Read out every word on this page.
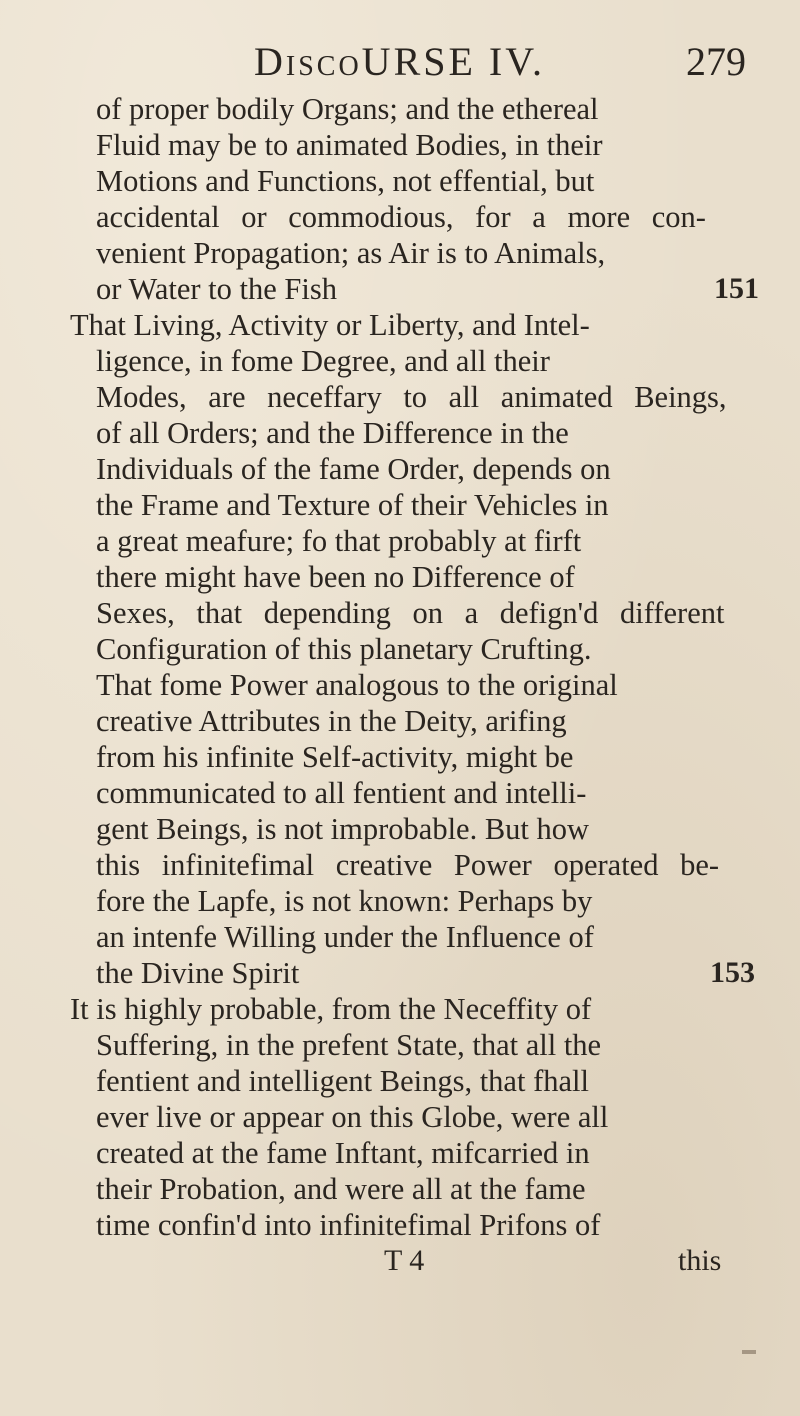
DiscoURSE IV.	279
of proper bodily Organs; and the ethereal
Fluid may be to animated Bodies, in their
Motions and Functions, not effential, but
accidental or commodious, for a more con-
venient Propagation; as Air is to Animals,
or Water to the Fish	151
That Living, Activity or Liberty, and Intel-
ligence, in fome Degree, and all their
Modes, are neceffary to all animated Beings,
of all Orders; and the Difference in the
Individuals of the fame Order, depends on
the Frame and Texture of their Vehicles in
a great meafure; fo that probably at firft
there might have been no Difference of
Sexes, that depending on a defign'd different
Configuration of this planetary Crufting.
That fome Power analogous to the original
creative Attributes in the Deity, arifing
from his infinite Self-activity, might be
communicated to all fentient and intelli-
gent Beings, is not improbable. But how
this infinitefimal creative Power operated be-
fore the Lapfe, is not known: Perhaps by
an intenfe Willing under the Influence of
the Divine Spirit	153
It is highly probable, from the Neceffity of
Suffering, in the prefent State, that all the
fentient and intelligent Beings, that fhall
ever live or appear on this Globe, were all
created at the fame Inftant, mifcarried in
their Probation, and were all at the fame
time confin'd into infinitefimal Prifons of
T 4	this
